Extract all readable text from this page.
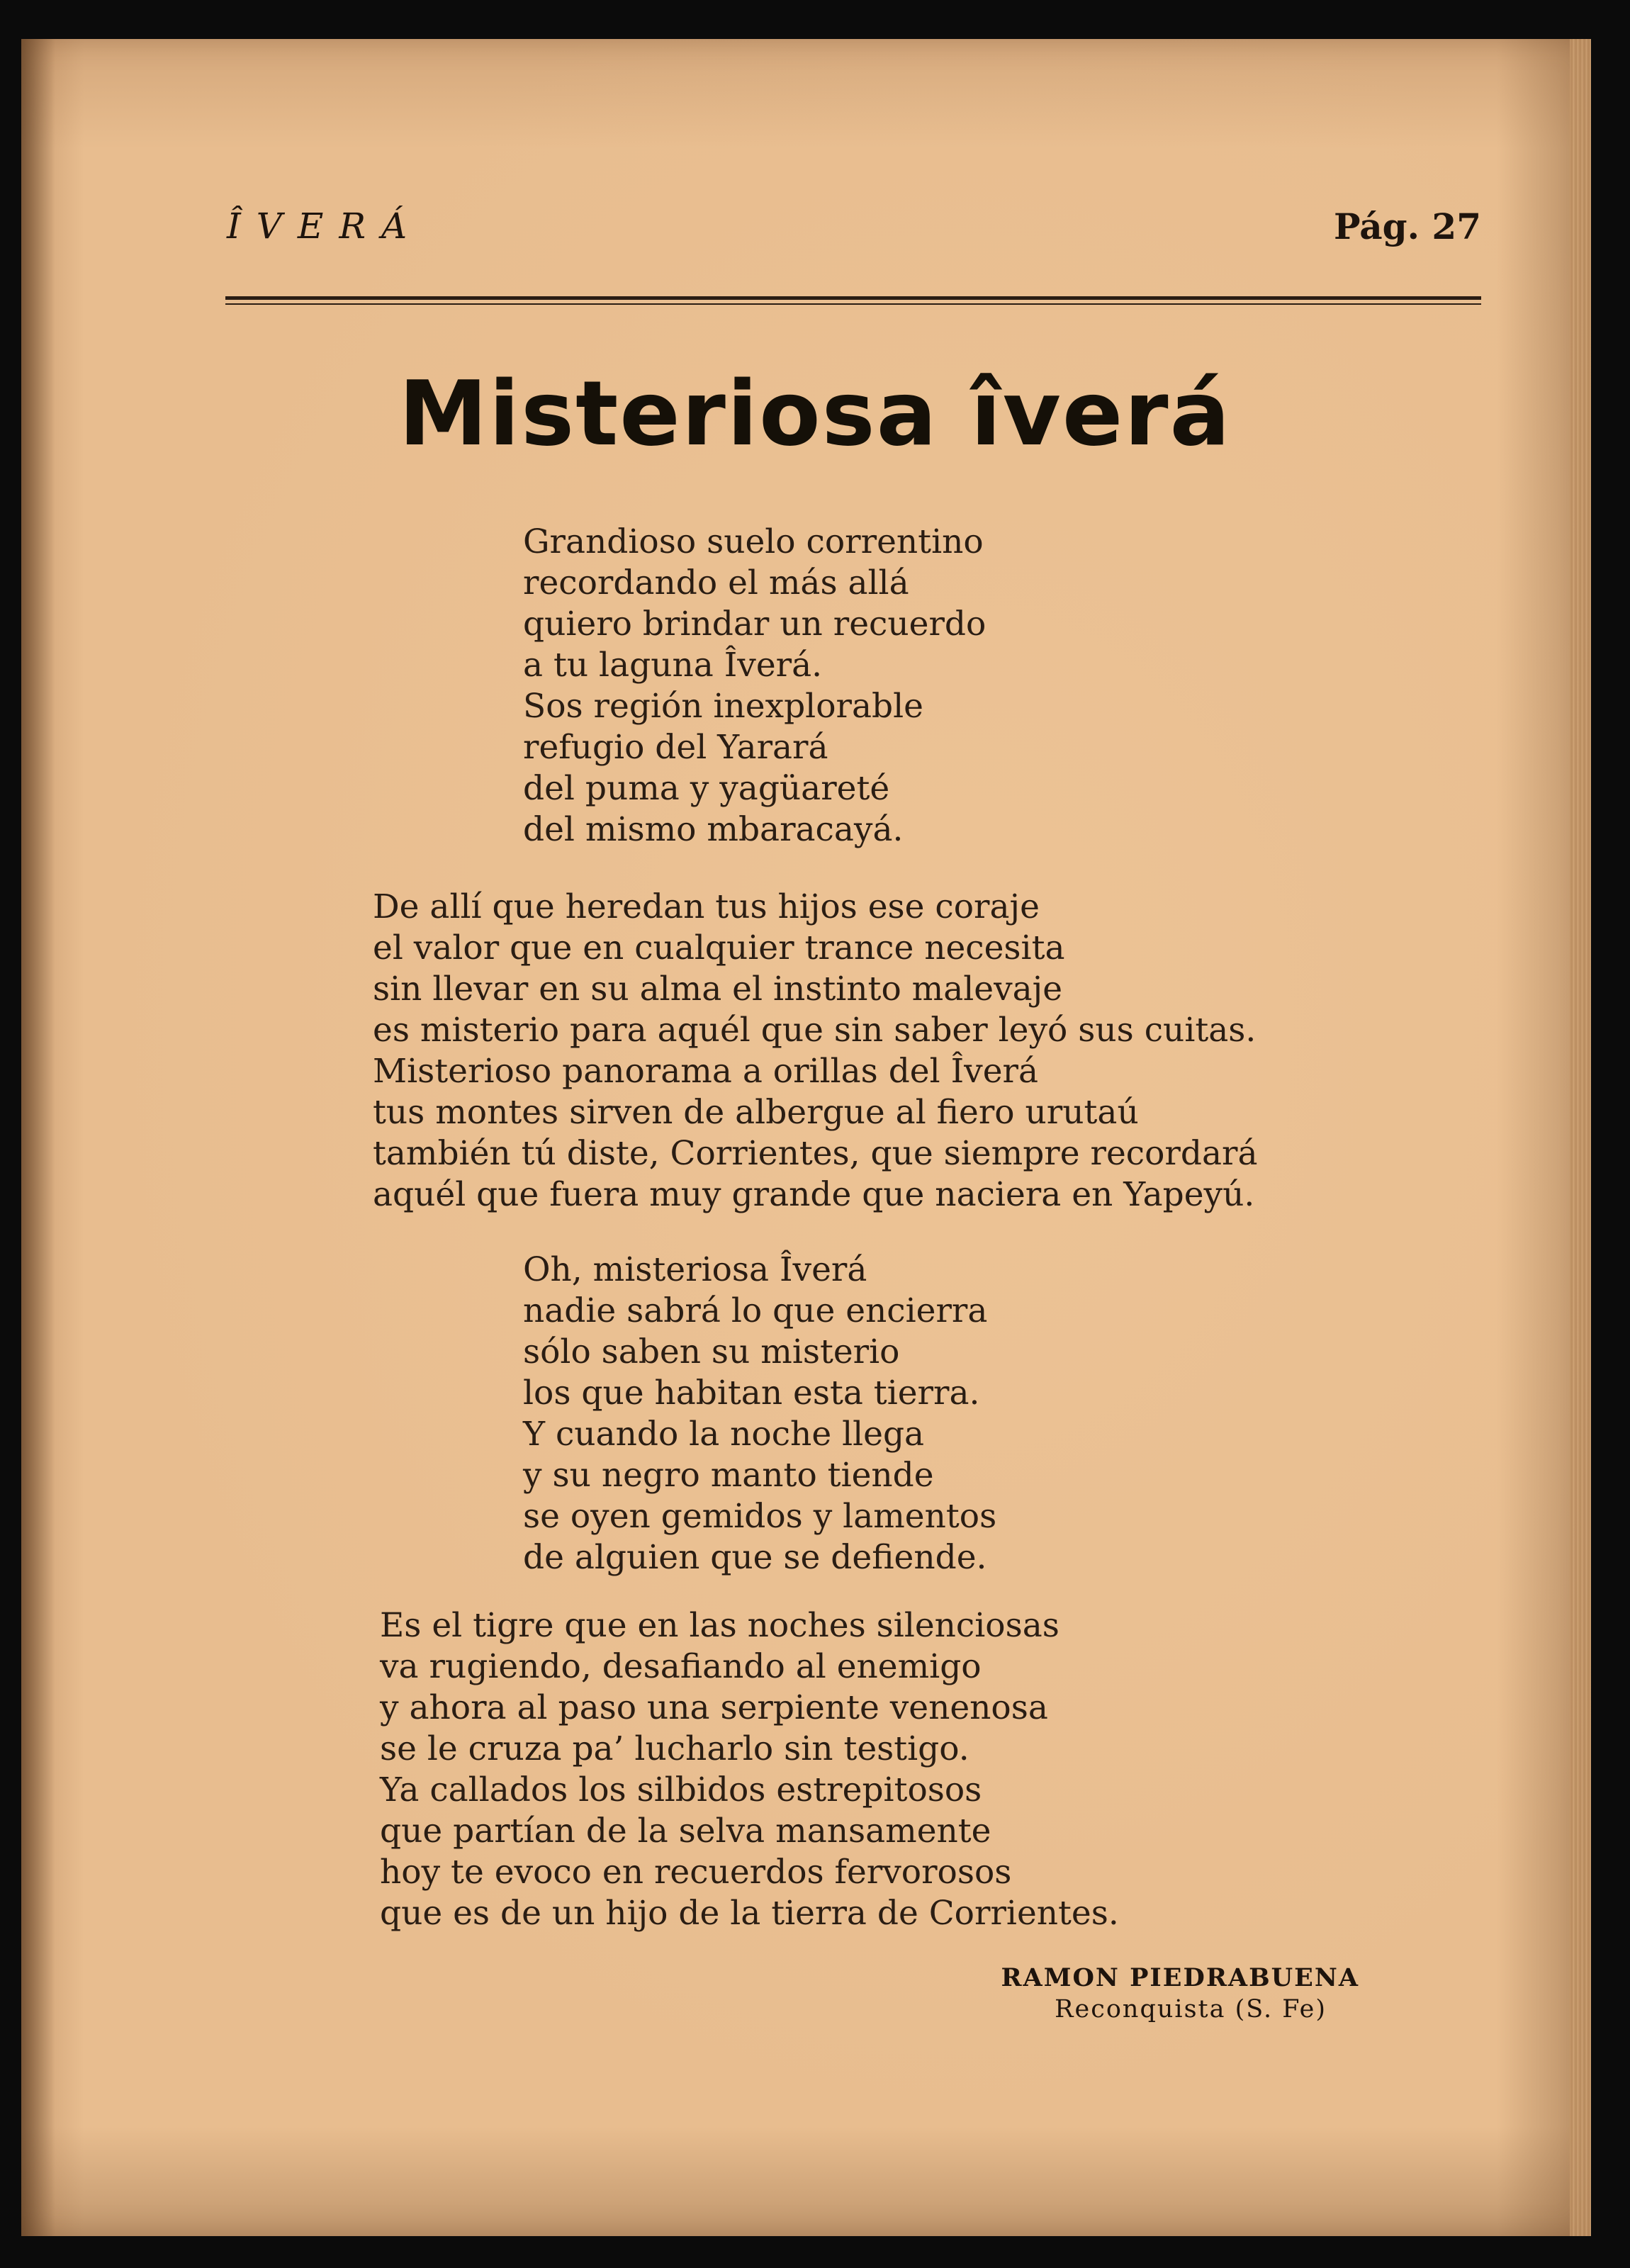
ÎVERÁ	Pág. 27
Misteriosa îverá
Grandioso suelo correntino
recordando el más allá
quiero brindar un recuerdo
a tu laguna Îverá.
Sos región inexplorable
refugio del Yarará
del puma y yagüareté
del mismo mbaracayá.
De allí que heredan tus hijos ese coraje
el valor que en cualquier trance necesita
sin llevar en su alma el instinto malevaje
es misterio para aquél que sin saber leyó sus cuitas.
Misterioso panorama a orillas del Îverá
tus montes sirven de albergue al fiero urutaú
también tú diste, Corrientes, que siempre recordará
aquél que fuera muy grande que naciera en Yapeyú.
Oh, misteriosa Îverá
nadie sabrá lo que encierra
sólo saben su misterio
los que habitan esta tierra.
Y cuando la noche llega
y su negro manto tiende
se oyen gemidos y lamentos
de alguien que se defiende.
Es el tigre que en las noches silenciosas
va rugiendo, desafiando al enemigo
y ahora al paso una serpiente venenosa
se le cruza pa’ lucharlo sin testigo.
Ya callados los silbidos estrepitosos
que partían de la selva mansamente
hoy te evoco en recuerdos fervorosos
que es de un hijo de la tierra de Corrientes.
RAMON PIEDRABUENA
Reconquista (S. Fe)
